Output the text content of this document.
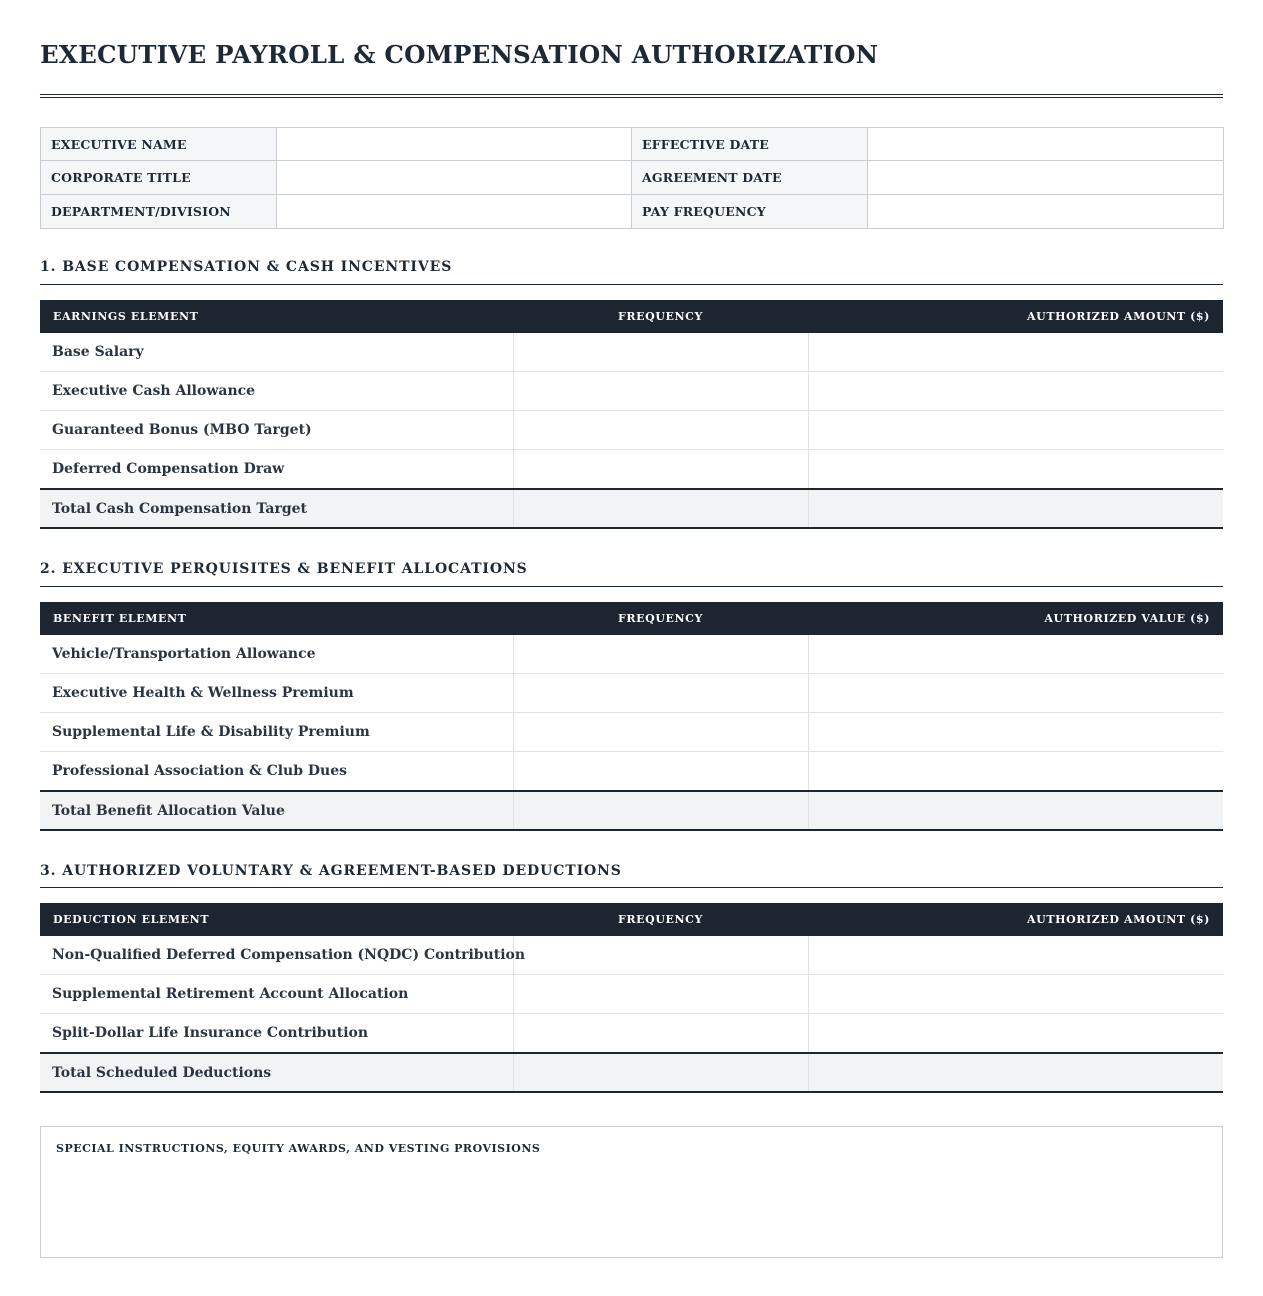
EXECUTIVE PAYROLL & COMPENSATION AUTHORIZATION
EXECUTIVE NAME		EFFECTIVE DATE	
CORPORATE TITLE		AGREEMENT DATE	
DEPARTMENT/DIVISION		PAY FREQUENCY	
1. BASE COMPENSATION & CASH INCENTIVES
EARNINGS ELEMENT	FREQUENCY	AUTHORIZED AMOUNT ($)
Base Salary		
Executive Cash Allowance		
Guaranteed Bonus (MBO Target)		
Deferred Compensation Draw		
Total Cash Compensation Target		
2. EXECUTIVE PERQUISITES & BENEFIT ALLOCATIONS
BENEFIT ELEMENT	FREQUENCY	AUTHORIZED VALUE ($)
Vehicle/Transportation Allowance		
Executive Health & Wellness Premium		
Supplemental Life & Disability Premium		
Professional Association & Club Dues		
Total Benefit Allocation Value		
3. AUTHORIZED VOLUNTARY & AGREEMENT-BASED DEDUCTIONS
DEDUCTION ELEMENT	FREQUENCY	AUTHORIZED AMOUNT ($)
Non-Qualified Deferred Compensation (NQDC) Contribution		
Supplemental Retirement Account Allocation		
Split-Dollar Life Insurance Contribution		
Total Scheduled Deductions		
SPECIAL INSTRUCTIONS, EQUITY AWARDS, AND VESTING PROVISIONS
